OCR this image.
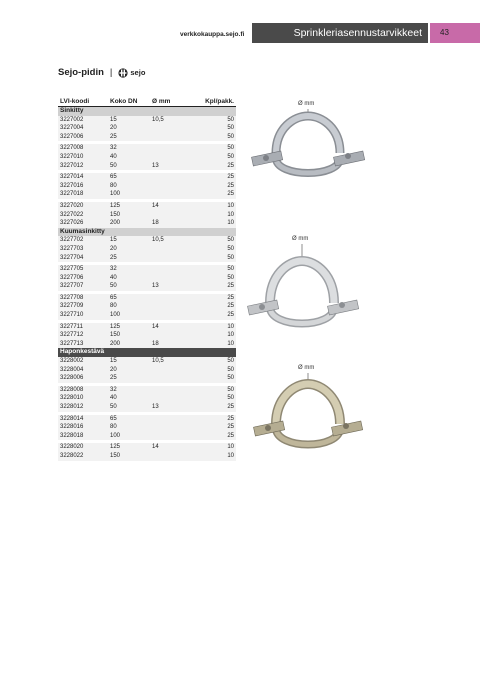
verkkokauppa.sejo.fi	Sprinkleriasennustarvikkeet	43
Sejo-pidin | sejo
LVI-koodi	Koko DN	Ø mm	Kpl/pakk.
Sinkitty			
3227002	15	10,5	50
3227004	20		50
3227006	25		50
3227008	32		50
3227010	40		50
3227012	50	13	25
3227014	65		25
3227016	80		25
3227018	100		25
3227020	125	14	10
3227022	150		10
3227026	200	18	10
Kuumasinkitty			
3227702	15	10,5	50
3227703	20		50
3227704	25		50
3227705	32		50
3227706	40		50
3227707	50	13	25
3227708	65		25
3227709	80		25
3227710	100		25
3227711	125	14	10
3227712	150		10
3227713	200	18	10
Haponkestävä			
3228002	15	10,5	50
3228004	20		50
3228006	25		50
3228008	32		50
3228010	40		50
3228012	50	13	25
3228014	65		25
3228016	80		25
3228018	100		25
3228020	125	14	10
3228022	150		10
Ø mm
Ø mm
Ø mm
